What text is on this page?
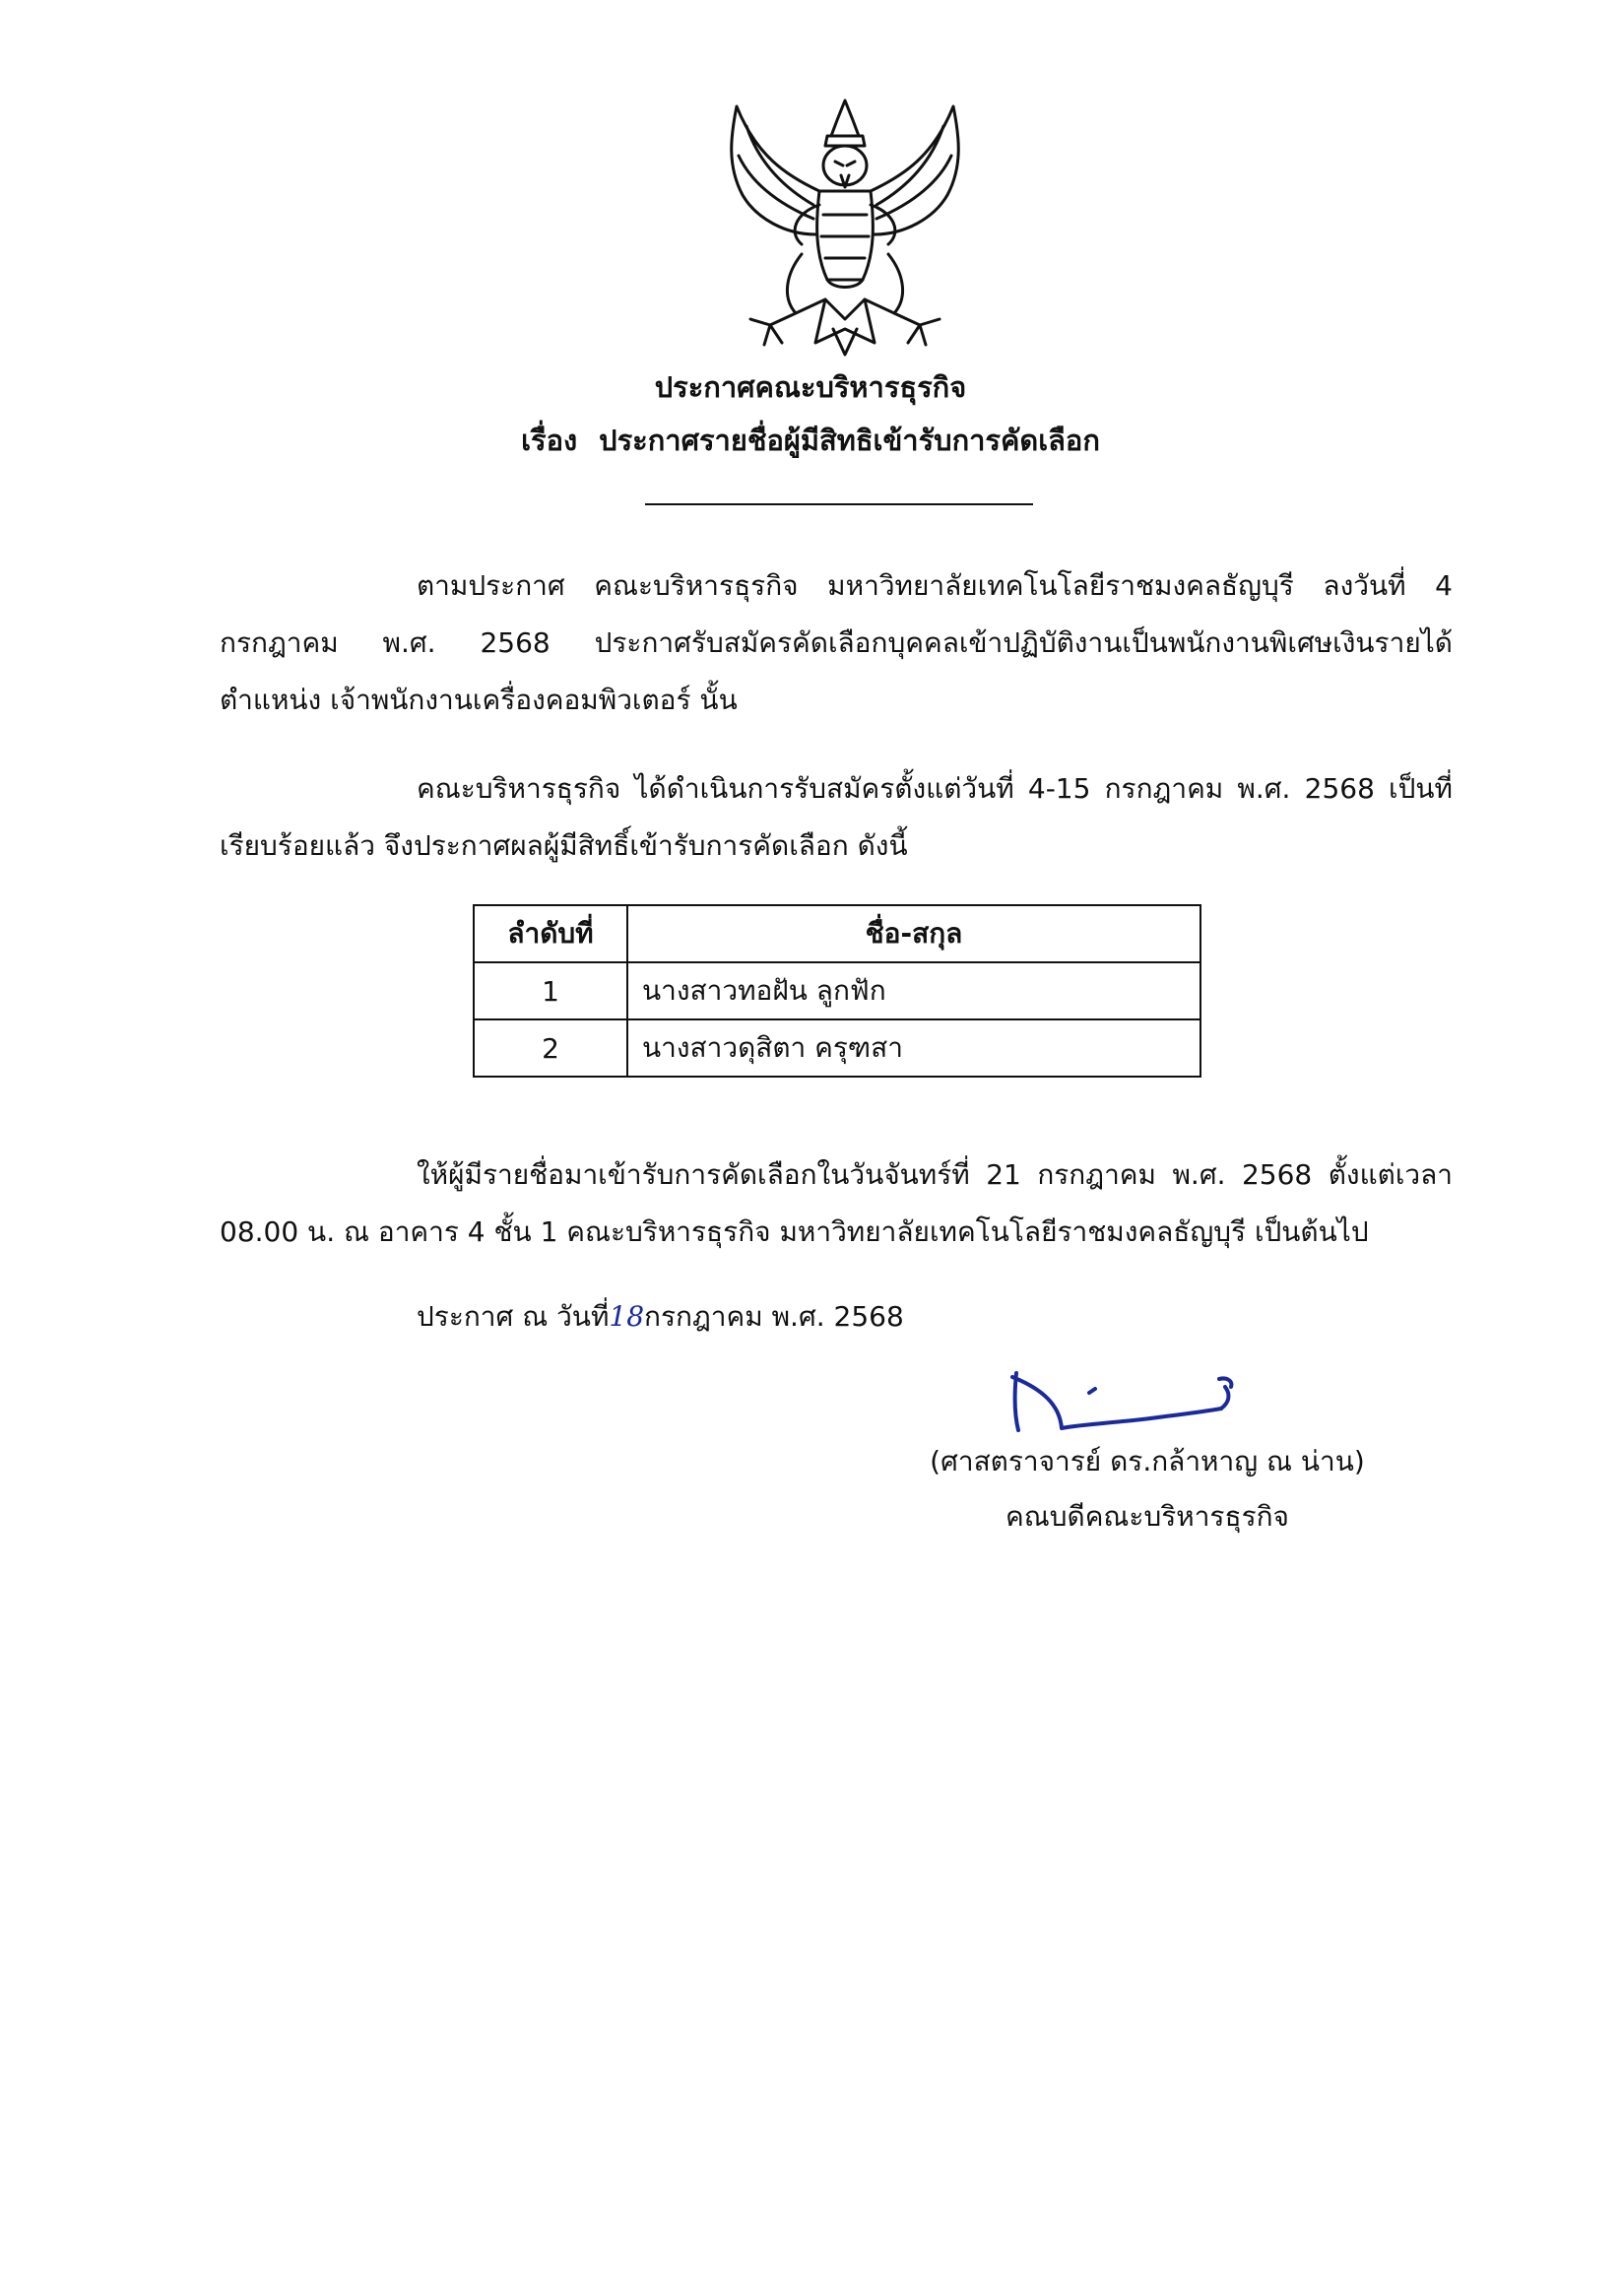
ประกาศคณะบริหารธุรกิจ
เรื่อง ประกาศรายชื่อผู้มีสิทธิเข้ารับการคัดเลือก
ตามประกาศ คณะบริหารธุรกิจ มหาวิทยาลัยเทคโนโลยีราชมงคลธัญบุรี ลงวันที่ 4 กรกฎาคม พ.ศ. 2568 ประกาศรับสมัครคัดเลือกบุคคลเข้าปฏิบัติงานเป็นพนักงานพิเศษเงินรายได้ ตำแหน่ง เจ้าพนักงานเครื่องคอมพิวเตอร์ นั้น
คณะบริหารธุรกิจ ได้ดำเนินการรับสมัครตั้งแต่วันที่ 4-15 กรกฎาคม พ.ศ. 2568 เป็นที่เรียบร้อยแล้ว จึงประกาศผลผู้มีสิทธิ์เข้ารับการคัดเลือก ดังนี้
ลำดับที่	ชื่อ-สกุล
1	นางสาวทอฝัน ลูกฟัก
2	นางสาวดุสิตา ครุฑสา
ให้ผู้มีรายชื่อมาเข้ารับการคัดเลือกในวันจันทร์ที่ 21 กรกฎาคม พ.ศ. 2568 ตั้งแต่เวลา 08.00 น. ณ อาคาร 4 ชั้น 1 คณะบริหารธุรกิจ มหาวิทยาลัยเทคโนโลยีราชมงคลธัญบุรี เป็นต้นไป
ประกาศ ณ วันที่18กรกฎาคม พ.ศ. 2568
(ศาสตราจารย์ ดร.กล้าหาญ ณ น่าน)
คณบดีคณะบริหารธุรกิจ
